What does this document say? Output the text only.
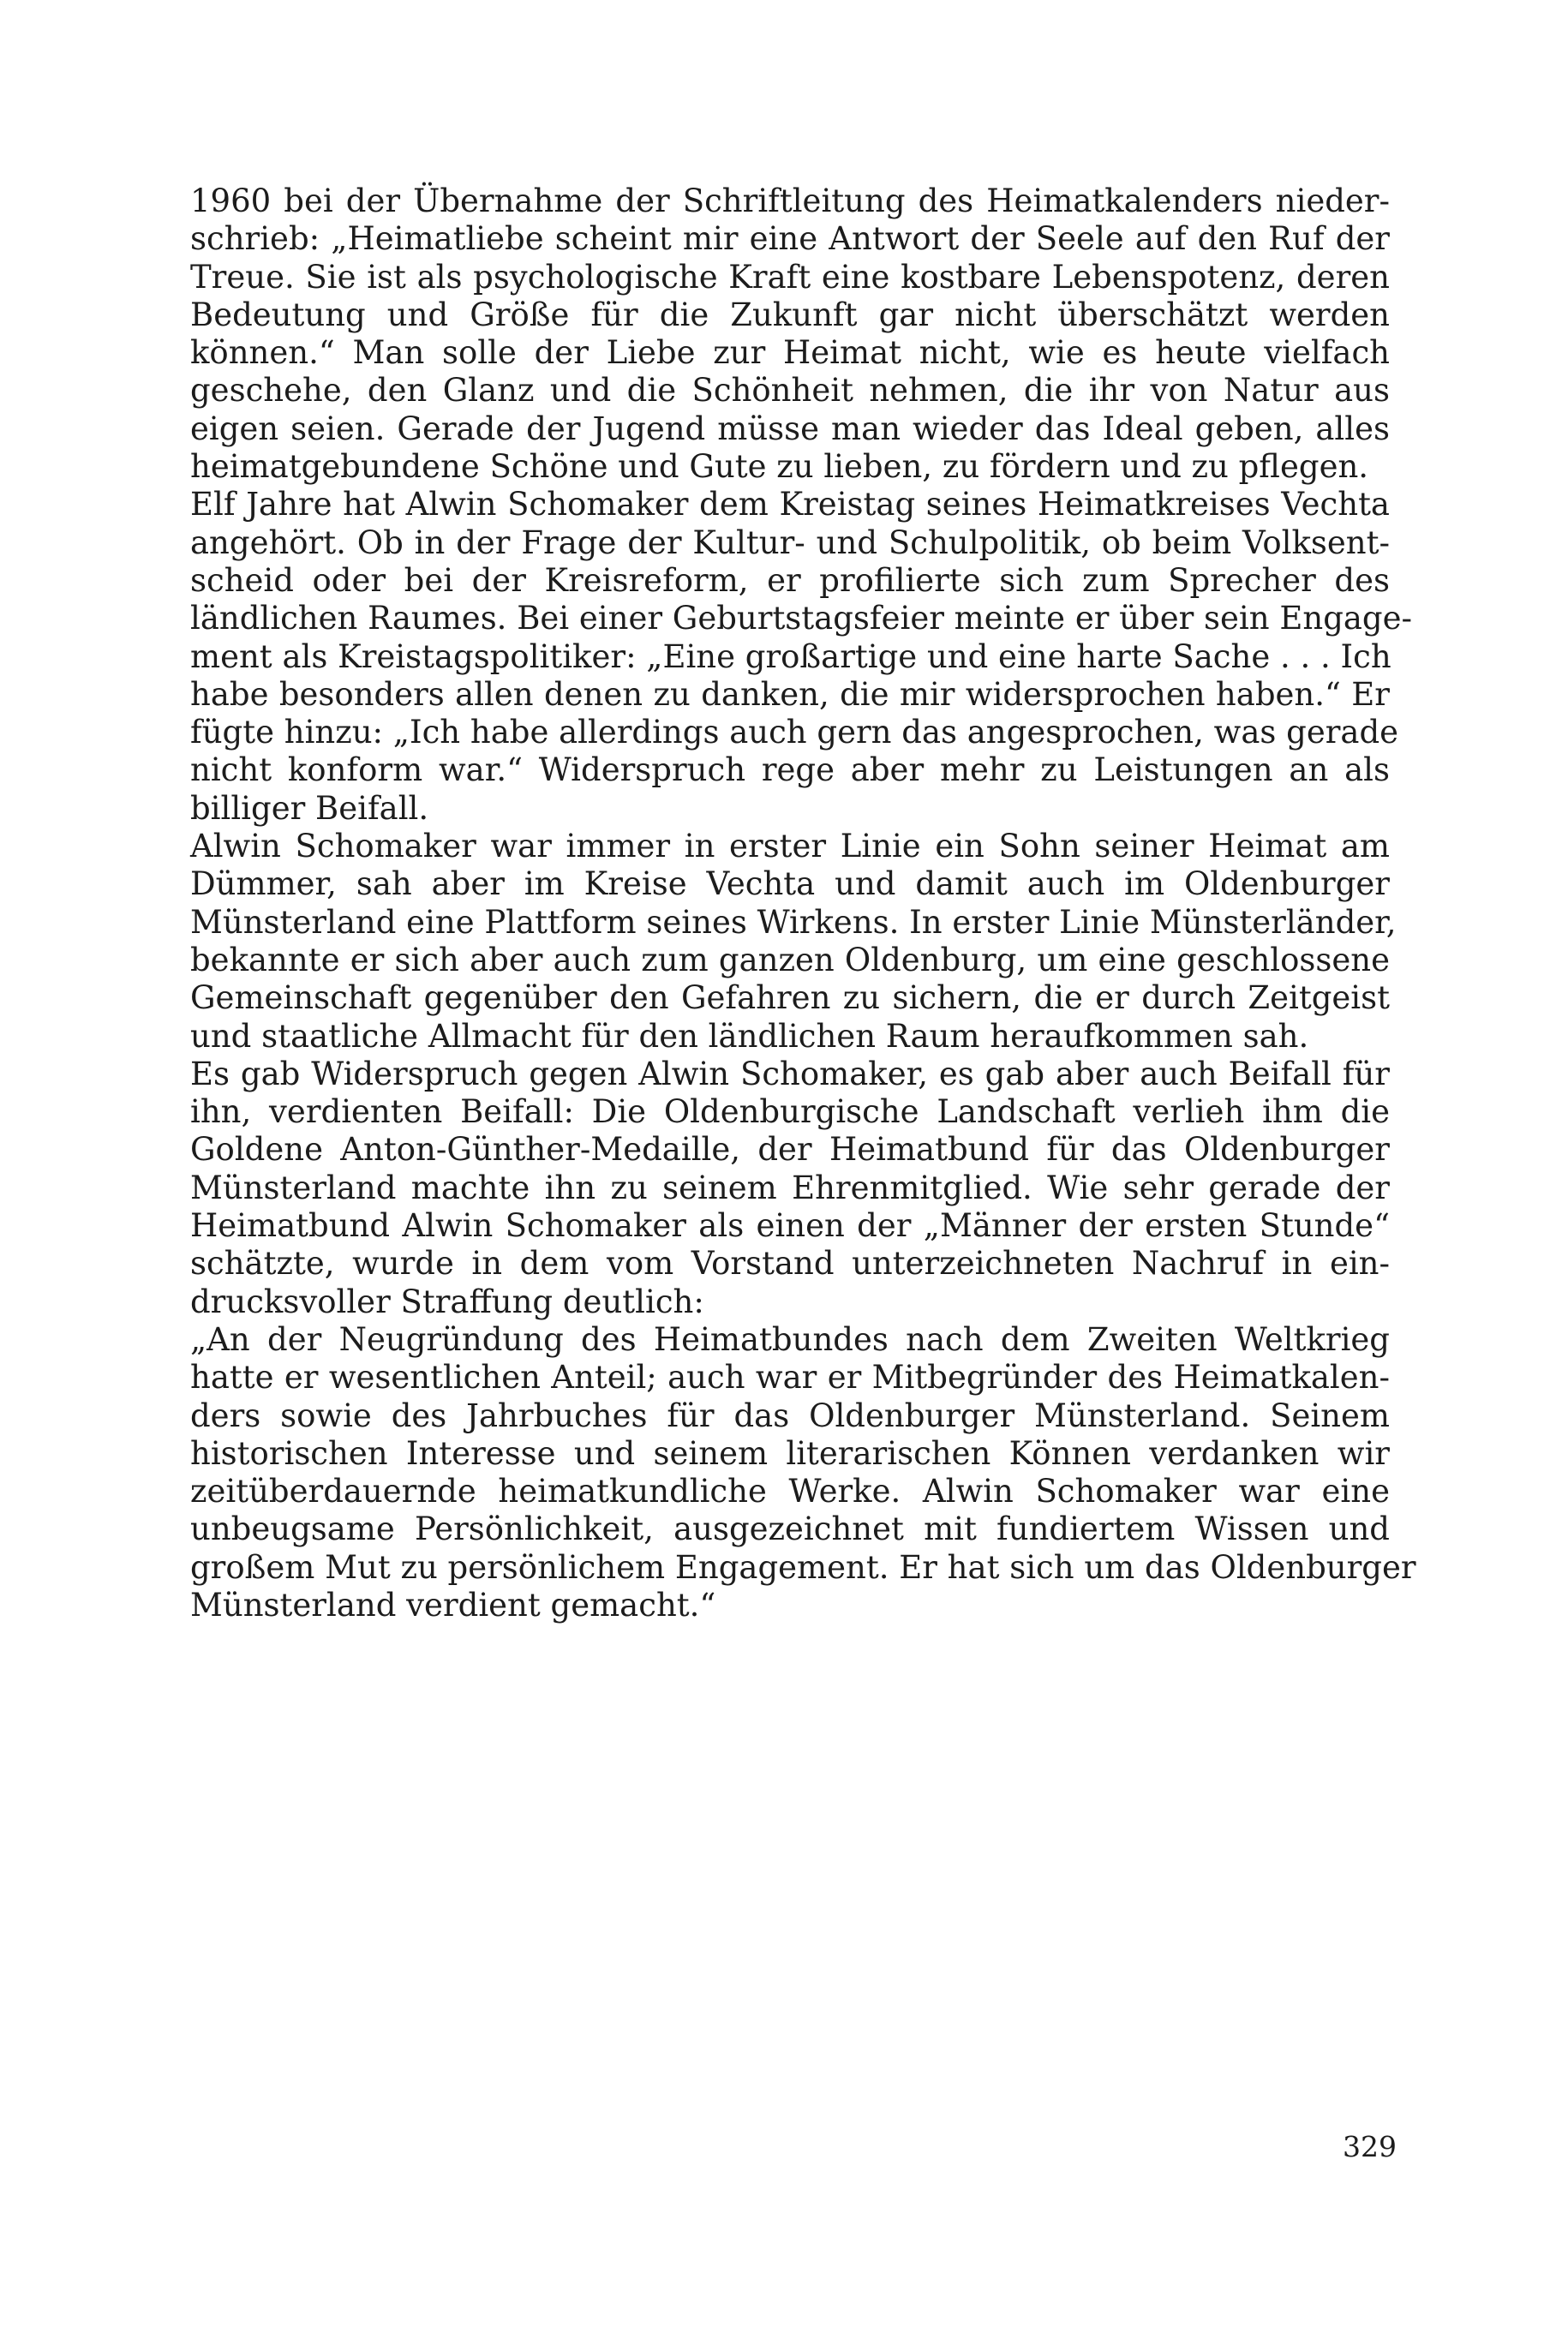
1960 bei der Übernahme der Schriftleitung des Heimatkalenders nieder-
schrieb: „Heimatliebe scheint mir eine Antwort der Seele auf den Ruf der
Treue. Sie ist als psychologische Kraft eine kostbare Lebenspotenz, deren
Bedeutung und Größe für die Zukunft gar nicht überschätzt werden
können.“ Man solle der Liebe zur Heimat nicht, wie es heute vielfach
geschehe, den Glanz und die Schönheit nehmen, die ihr von Natur aus
eigen seien. Gerade der Jugend müsse man wieder das Ideal geben, alles
heimatgebundene Schöne und Gute zu lieben, zu fördern und zu pflegen.
Elf Jahre hat Alwin Schomaker dem Kreistag seines Heimatkreises Vechta
angehört. Ob in der Frage der Kultur- und Schulpolitik, ob beim Volksent-
scheid oder bei der Kreisreform, er profilierte sich zum Sprecher des
ländlichen Raumes. Bei einer Geburtstagsfeier meinte er über sein Engage-
ment als Kreistagspolitiker: „Eine großartige und eine harte Sache . . . Ich
habe besonders allen denen zu danken, die mir widersprochen haben.“ Er
fügte hinzu: „Ich habe allerdings auch gern das angesprochen, was gerade
nicht konform war.“ Widerspruch rege aber mehr zu Leistungen an als
billiger Beifall.
Alwin Schomaker war immer in erster Linie ein Sohn seiner Heimat am
Dümmer, sah aber im Kreise Vechta und damit auch im Oldenburger
Münsterland eine Plattform seines Wirkens. In erster Linie Münsterländer,
bekannte er sich aber auch zum ganzen Oldenburg, um eine geschlossene
Gemeinschaft gegenüber den Gefahren zu sichern, die er durch Zeitgeist
und staatliche Allmacht für den ländlichen Raum heraufkommen sah.
Es gab Widerspruch gegen Alwin Schomaker, es gab aber auch Beifall für
ihn, verdienten Beifall: Die Oldenburgische Landschaft verlieh ihm die
Goldene Anton-Günther-Medaille, der Heimatbund für das Oldenburger
Münsterland machte ihn zu seinem Ehrenmitglied. Wie sehr gerade der
Heimatbund Alwin Schomaker als einen der „Männer der ersten Stunde“
schätzte, wurde in dem vom Vorstand unterzeichneten Nachruf in ein-
drucksvoller Straffung deutlich:
„An der Neugründung des Heimatbundes nach dem Zweiten Weltkrieg
hatte er wesentlichen Anteil; auch war er Mitbegründer des Heimatkalen-
ders sowie des Jahrbuches für das Oldenburger Münsterland. Seinem
historischen Interesse und seinem literarischen Können verdanken wir
zeitüberdauernde heimatkundliche Werke. Alwin Schomaker war eine
unbeugsame Persönlichkeit, ausgezeichnet mit fundiertem Wissen und
großem Mut zu persönlichem Engagement. Er hat sich um das Oldenburger
Münsterland verdient gemacht.“
329
